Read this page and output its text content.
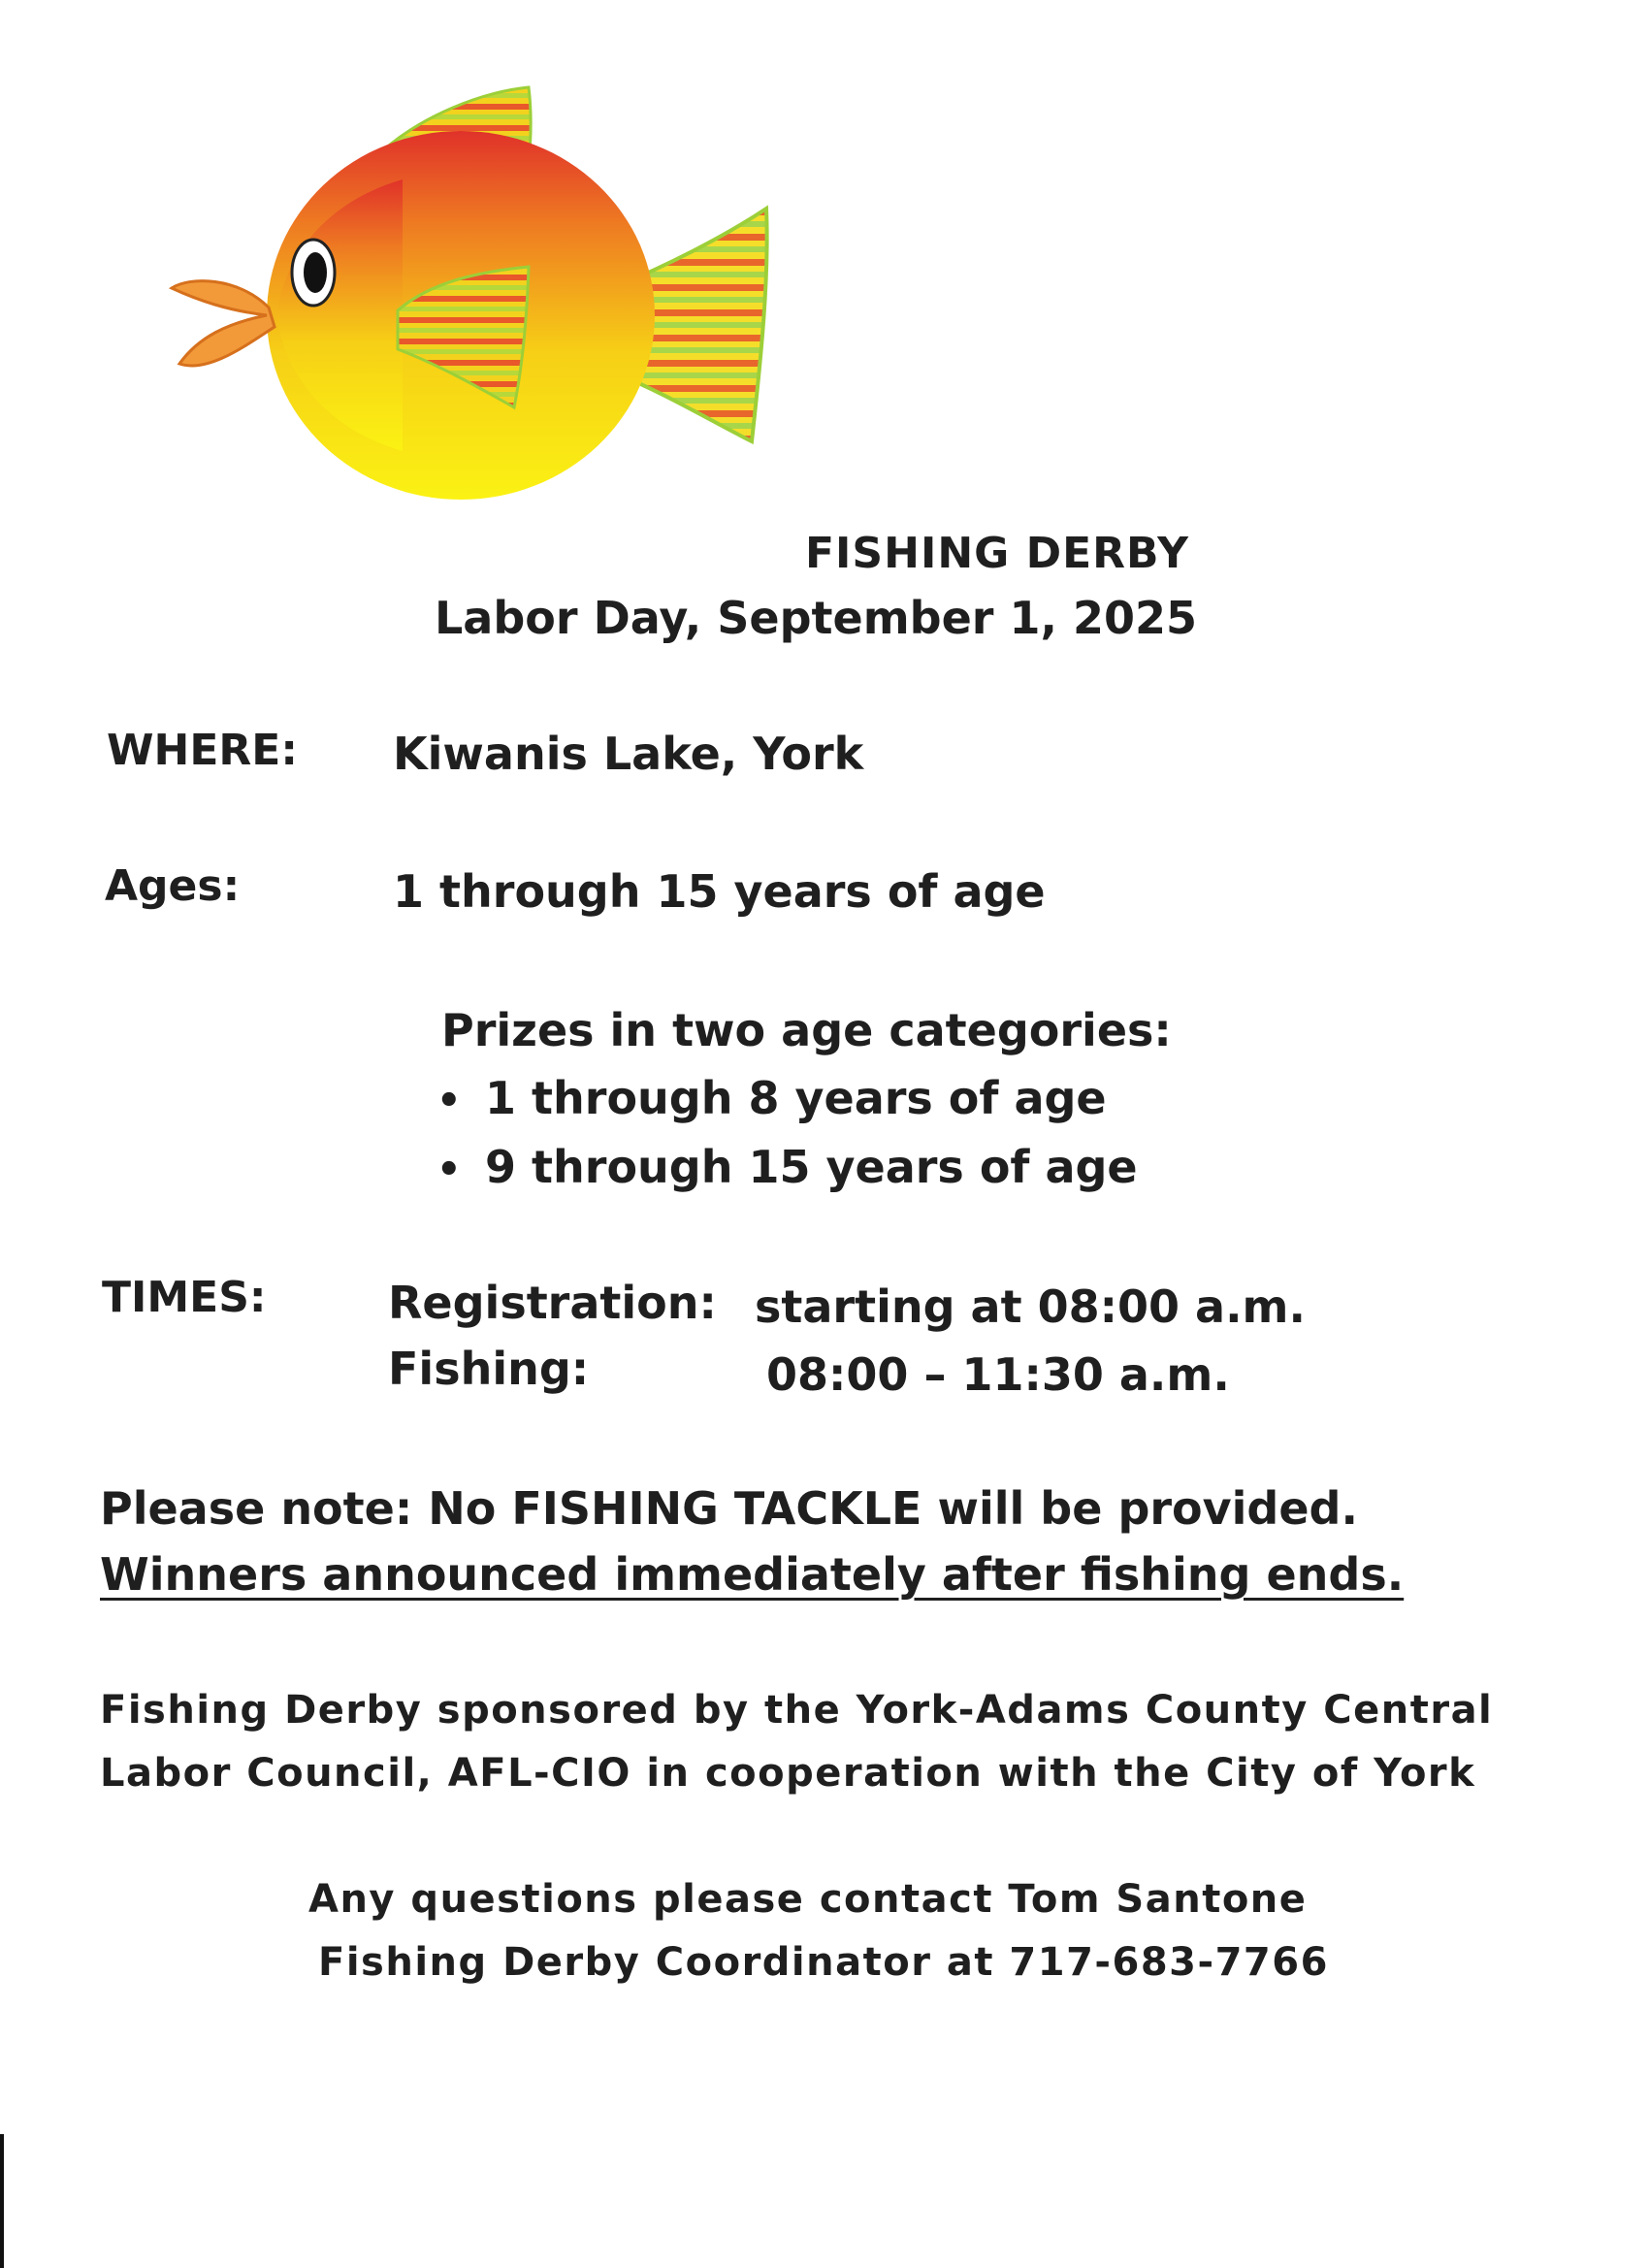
FISHING DERBY
Labor Day, September 1, 2025
WHERE: Kiwanis Lake, York
Ages:	1 through 15 years of age
Prizes in two age categories:
• 1 through 8 years of age
• 9 through 15 years of age
TIMES:	Registration: starting at 08:00 a.m.
Fishing:	08:00 – 11:30 a.m.
Please note: No FISHING TACKLE will be provided.
Winners announced immediately after fishing ends.
Fishing Derby sponsored by the York-Adams County Central
Labor Council, AFL-CIO in cooperation with the City of York
Any questions please contact Tom Santone
Fishing Derby Coordinator at 717-683-7766
